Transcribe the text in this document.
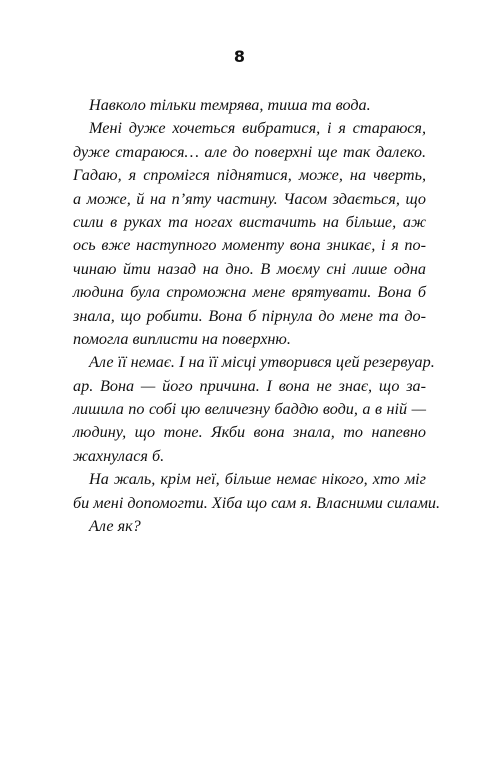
8
Навколо тільки темрява, тиша та вода.
Мені дуже хочеться вибратися, і я стараюся,
дуже стараюся… але до поверхні ще так далеко.
Гадаю, я спромігся піднятися, може, на чверть,
а може, й на п’яту частину. Часом здається, що
сили в руках та ногах вистачить на більше, аж
ось вже наступного моменту вона зникає, і я по-
чинаю йти назад на дно. В моєму сні лише одна
людина була спроможна мене врятувати. Вона б
знала, що робити. Вона б пірнула до мене та до-
помогла виплисти на поверхню.
Але її немає. І на її місці утворився цей резервуар.
ар. Вона — його причина. І вона не знає, що за-
лишила по собі цю величезну баддю води, а в ній —
людину, що тоне. Якби вона знала, то напевно
жахнулася б.
На жаль, крім неї, більше немає нікого, хто міг
би мені допомогти. Хіба що сам я. Власними силами.
Але як?
